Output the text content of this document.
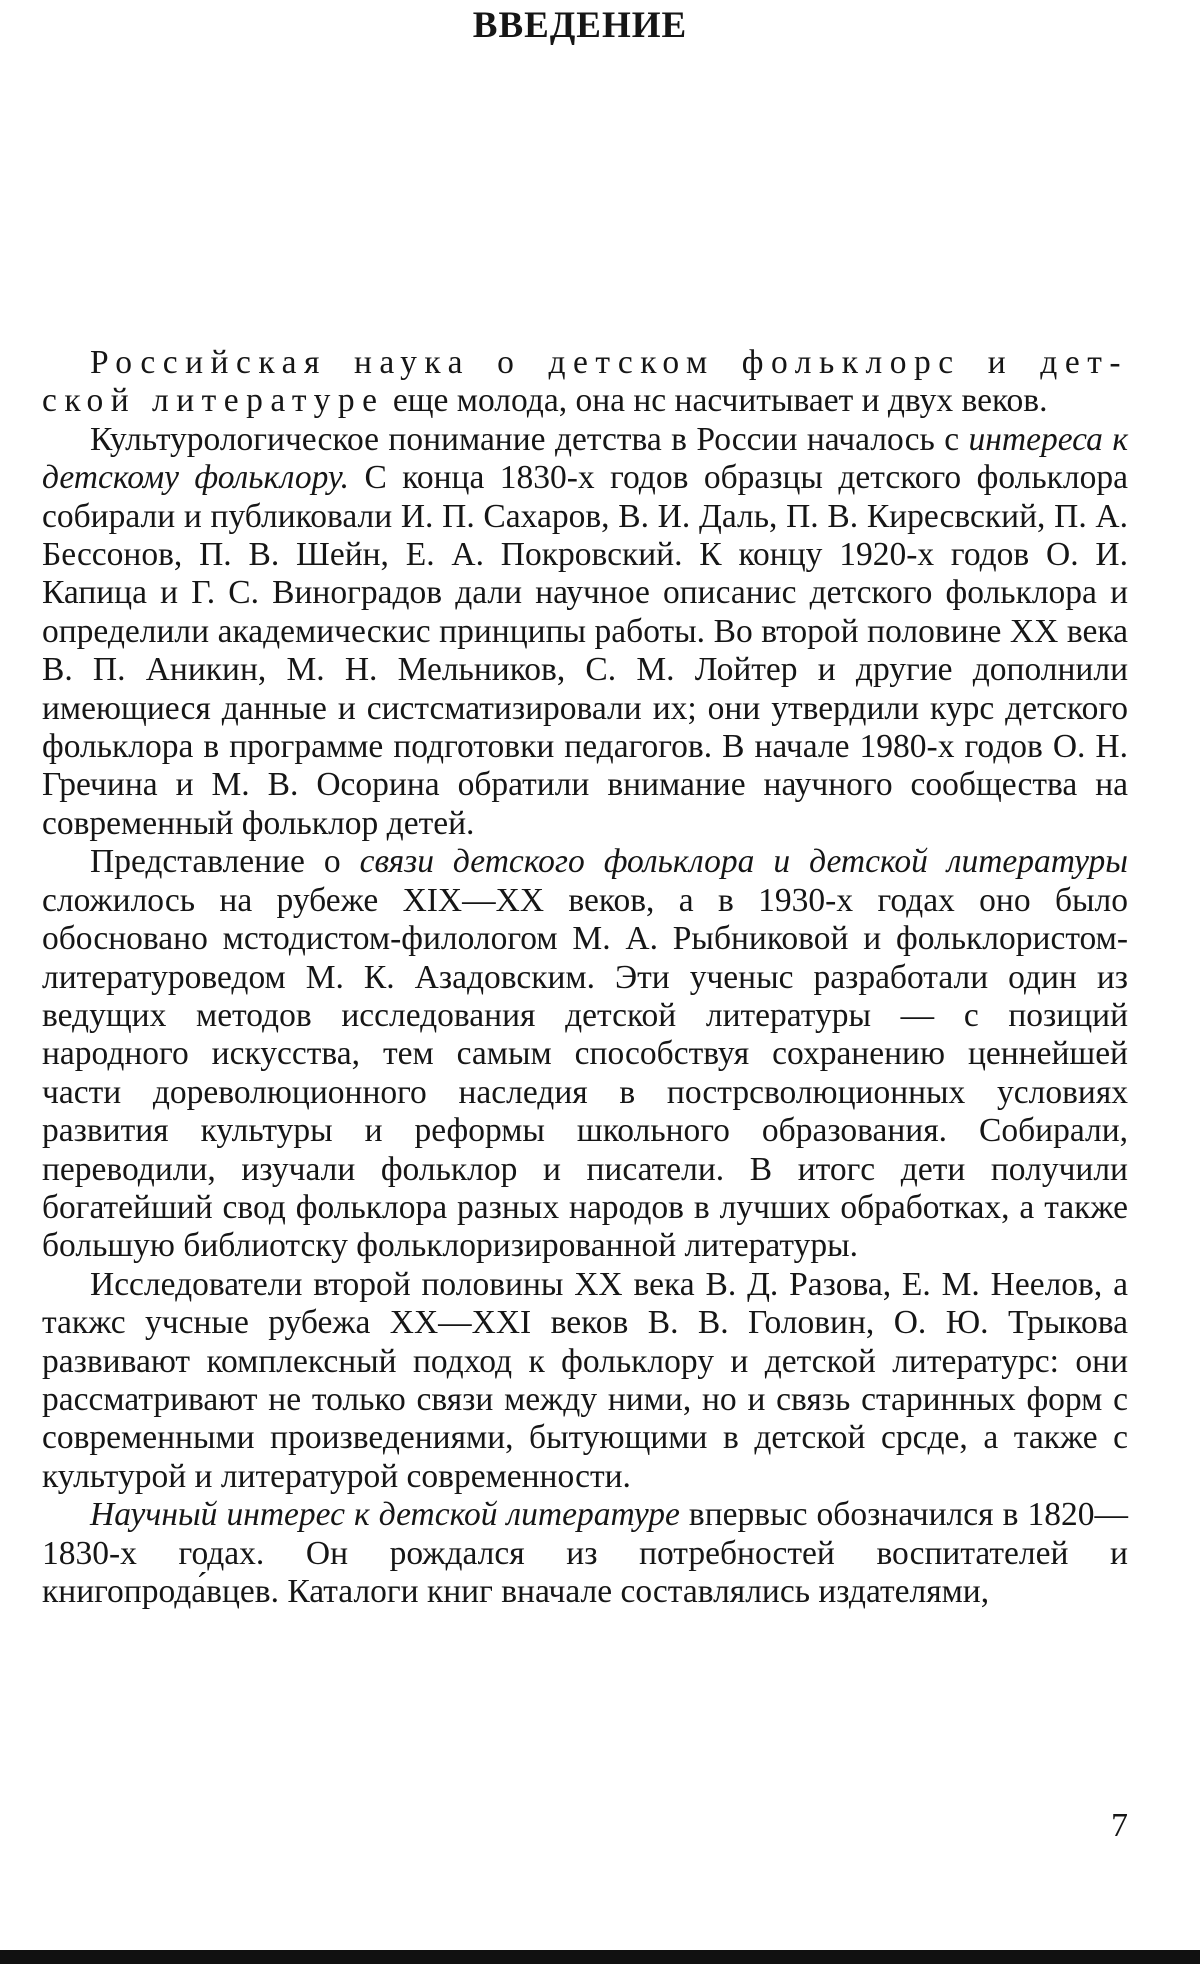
ВВЕДЕНИЕ

Российская наука о детском фольклорс и дет-ской литературе еще молода, она нс насчитывает и двух веков.

Культурологическое понимание детства в России началось с интереса к детскому фольклору. С конца 1830-х годов образцы детского фольклора собирали и публиковали И. П. Сахаров, В. И. Даль, П. В. Киресвский, П. А. Бессонов, П. В. Шейн, Е. А. Покровский. К концу 1920-х годов О. И. Капица и Г. С. Виноградов дали научное описанис детского фольклора и определили академическис принципы работы. Во второй половине XX века В. П. Аникин, М. Н. Мельников, С. М. Лойтер и другие дополнили имеющиеся данные и систсматизировали их; они утвердили курс детского фольклора в программе подготовки педагогов. В начале 1980-х годов О. Н. Гречина и М. В. Осорина обратили внимание научного сообщества на современный фольклор детей.

Представление о связи детского фольклора и детской литературы сложилось на рубеже XIX—XX веков, а в 1930-х годах оно было обосновано мстодистом-филологом М. А. Рыбниковой и фольклористом-литературоведом М. К. Азадовским. Эти ученыс разработали один из ведущих методов исследования детской литературы — с позиций народного искусства, тем самым способствуя сохранению ценнейшей части дореволюционного наследия в пострсволюционных условиях развития культуры и реформы школьного образования. Собирали, переводили, изучали фольклор и писатели. В итогс дети получили богатейший свод фольклора разных народов в лучших обработках, а также большую библиотску фольклоризированной литературы.

Исследователи второй половины XX века В. Д. Разова, Е. М. Неелов, а такжс учсные рубежа XX—XXI веков В. В. Головин, О. Ю. Трыкова развивают комплексный подход к фольклору и детской литературс: они рассматривают не только связи между ними, но и связь старинных форм с современными произведениями, бытующими в детской срсде, а также с культурой и литературой современности.

Научный интерес к детской литературе впервыс обозначился в 1820—1830-х годах. Он рождался из потребностей воспитателей и книгопрода́вцев. Каталоги книг вначале составлялись издателями,

7
